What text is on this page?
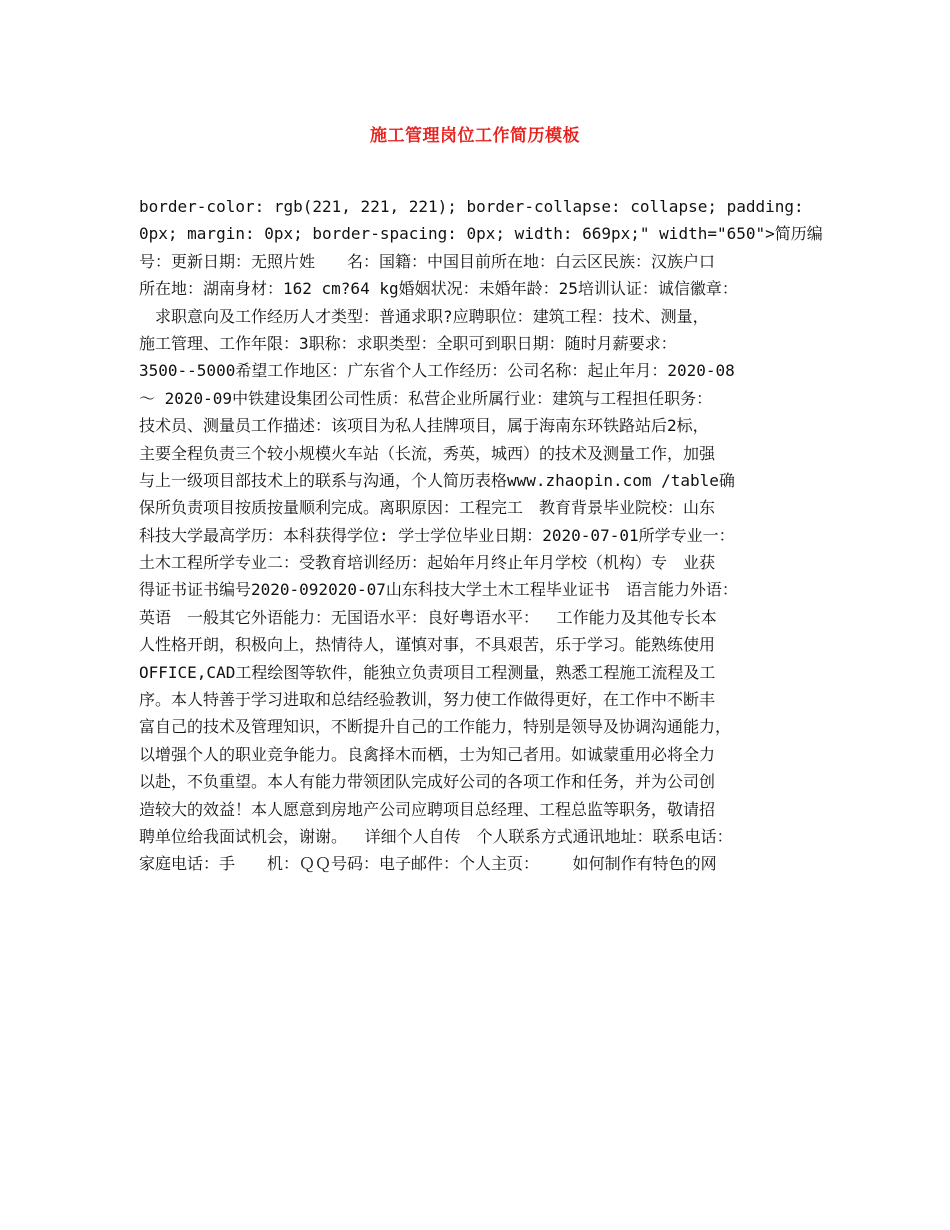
施工管理岗位工作简历模板
border-color: rgb(221, 221, 221); border-collapse: collapse; padding:
0px; margin: 0px; border-spacing: 0px; width: 669px;" width="650">简历编
号：更新日期：无照片姓　　名：国籍：中国目前所在地：白云区民族：汉族户口
所在地：湖南身材：162 cm?64 kg婚姻状况：未婚年龄：25培训认证：诚信徽章：
　求职意向及工作经历人才类型：普通求职?应聘职位：建筑工程：技术、测量，
施工管理、工作年限：3职称：求职类型：全职可到职日期：随时月薪要求：
3500--5000希望工作地区：广东省个人工作经历：公司名称：起止年月：2020-08
～ 2020-09中铁建设集团公司性质：私营企业所属行业：建筑与工程担任职务：
技术员、测量员工作描述：该项目为私人挂牌项目，属于海南东环铁路站后2标，
主要全程负责三个较小规模火车站（长流，秀英，城西）的技术及测量工作，加强
与上一级项目部技术上的联系与沟通，个人简历表格www.zhaopin.com /table确
保所负责项目按质按量顺利完成。离职原因：工程完工　教育背景毕业院校：山东
科技大学最高学历：本科获得学位: 学士学位毕业日期：2020-07-01所学专业一：
土木工程所学专业二：受教育培训经历：起始年月终止年月学校（机构）专　业获
得证书证书编号2020-092020-07山东科技大学土木工程毕业证书　语言能力外语：
英语　一般其它外语能力：无国语水平：良好粤语水平：　 工作能力及其他专长本
人性格开朗，积极向上，热情待人，谨慎对事，不具艰苦，乐于学习。能熟练使用
OFFICE,CAD工程绘图等软件，能独立负责项目工程测量，熟悉工程施工流程及工
序。本人特善于学习进取和总结经验教训，努力使工作做得更好，在工作中不断丰
富自己的技术及管理知识，不断提升自己的工作能力，特别是领导及协调沟通能力，
以增强个人的职业竞争能力。良禽择木而栖，士为知己者用。如诚蒙重用必将全力
以赴，不负重望。本人有能力带领团队完成好公司的各项工作和任务，并为公司创
造较大的效益！本人愿意到房地产公司应聘项目总经理、工程总监等职务，敬请招
聘单位给我面试机会，谢谢。　 详细个人自传　个人联系方式通讯地址：联系电话：
家庭电话：手　　机：ＱＱ号码：电子邮件：个人主页：　　 如何制作有特色的网
